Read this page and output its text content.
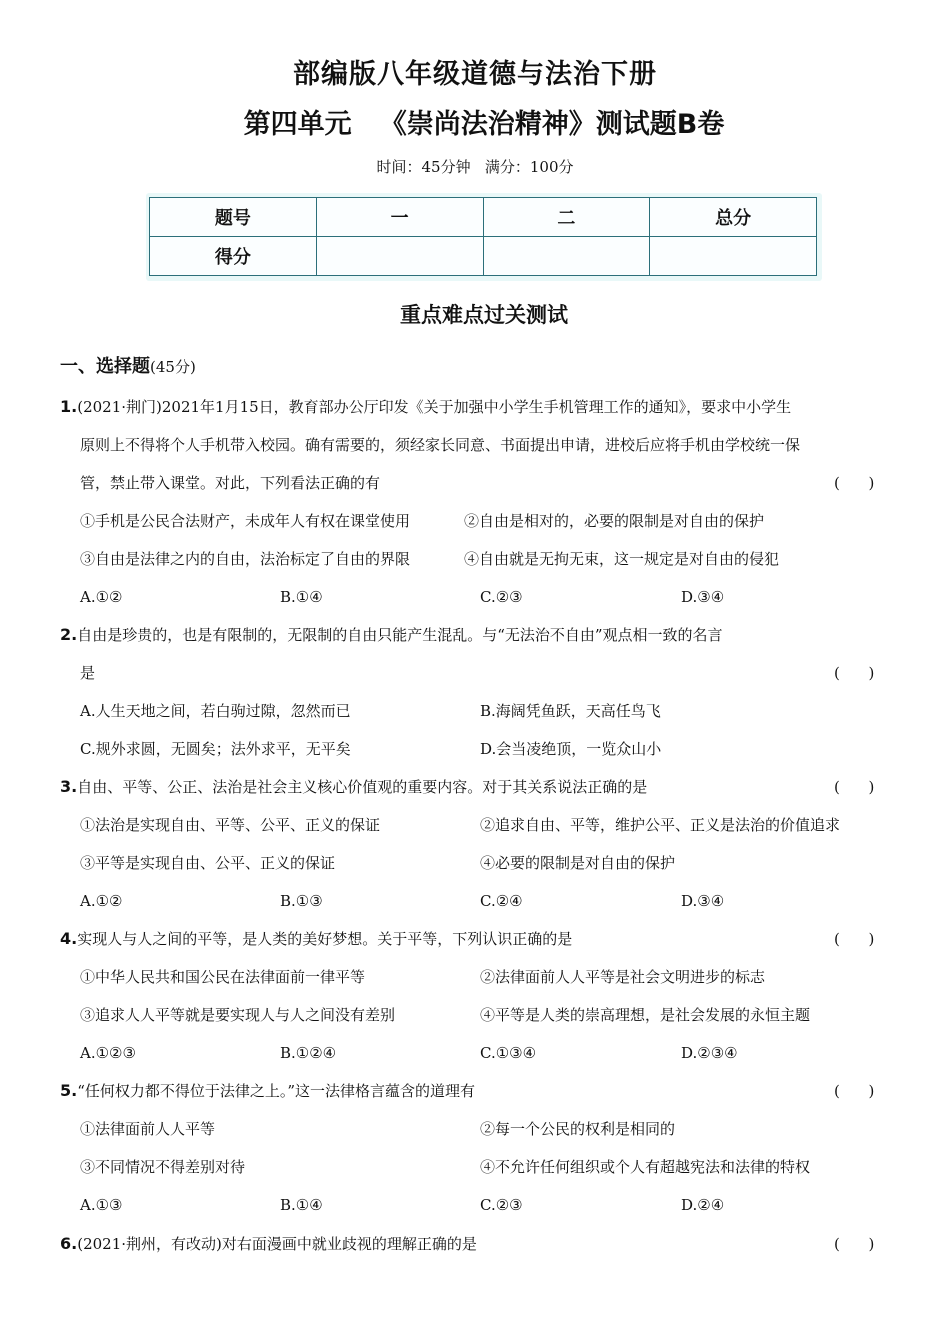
部编版八年级道德与法治下册
第四单元   《崇尚法治精神》测试题B卷
时间：45分钟   满分：100分
题号	一	二	总分
得分			
重点难点过关测试
一、选择题(45分)
1.(2021·荆门)2021年1月15日，教育部办公厅印发《关于加强中小学生手机管理工作的通知》，要求中小学生
原则上不得将个人手机带入校园。确有需要的，须经家长同意、书面提出申请，进校后应将手机由学校统一保
管，禁止带入课堂。对此，下列看法正确的有	(      )
①手机是公民合法财产，未成年人有权在课堂使用	②自由是相对的，必要的限制是对自由的保护
③自由是法律之内的自由，法治标定了自由的界限	④自由就是无拘无束，这一规定是对自由的侵犯
A.①②	B.①④	C.②③	D.③④
2.自由是珍贵的，也是有限制的，无限制的自由只能产生混乱。与“无法治不自由”观点相一致的名言
是	(      )
A.人生天地之间，若白驹过隙，忽然而已	B.海阔凭鱼跃，天高任鸟飞
C.规外求圆，无圆矣；法外求平，无平矣	D.会当凌绝顶，一览众山小
3.自由、平等、公正、法治是社会主义核心价值观的重要内容。对于其关系说法正确的是	(      )
①法治是实现自由、平等、公平、正义的保证	②追求自由、平等，维护公平、正义是法治的价值追求
③平等是实现自由、公平、正义的保证	④必要的限制是对自由的保护
A.①②	B.①③	C.②④	D.③④
4.实现人与人之间的平等，是人类的美好梦想。关于平等，下列认识正确的是	(      )
①中华人民共和国公民在法律面前一律平等	②法律面前人人平等是社会文明进步的标志
③追求人人平等就是要实现人与人之间没有差别	④平等是人类的崇高理想，是社会发展的永恒主题
A.①②③	B.①②④	C.①③④	D.②③④
5.“任何权力都不得位于法律之上。”这一法律格言蕴含的道理有	(      )
①法律面前人人平等	②每一个公民的权利是相同的
③不同情况不得差别对待	④不允许任何组织或个人有超越宪法和法律的特权
A.①③	B.①④	C.②③	D.②④
6.(2021·荆州，有改动)对右面漫画中就业歧视的理解正确的是	(      )
